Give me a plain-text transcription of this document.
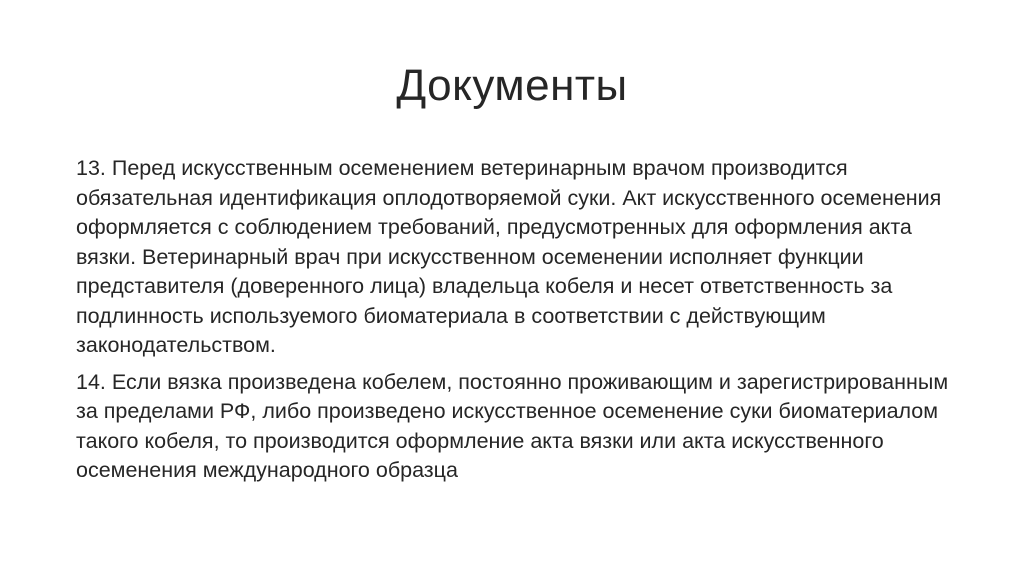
Документы

13. Перед искусственным осеменением ветеринарным врачом производится обязательная идентификация оплодотворяемой суки. Акт искусственного осеменения оформляется с соблюдением требований, предусмотренных для оформления акта вязки. Ветеринарный врач при искусственном осеменении исполняет функции представителя (доверенного лица) владельца кобеля и несет ответственность за подлинность используемого биоматериала в соответствии с действующим законодательством.

14. Если вязка произведена кобелем, постоянно проживающим и зарегистрированным за пределами РФ, либо произведено искусственное осеменение суки биоматериалом такого кобеля, то производится оформление акта вязки или акта искусственного осеменения международного образца
